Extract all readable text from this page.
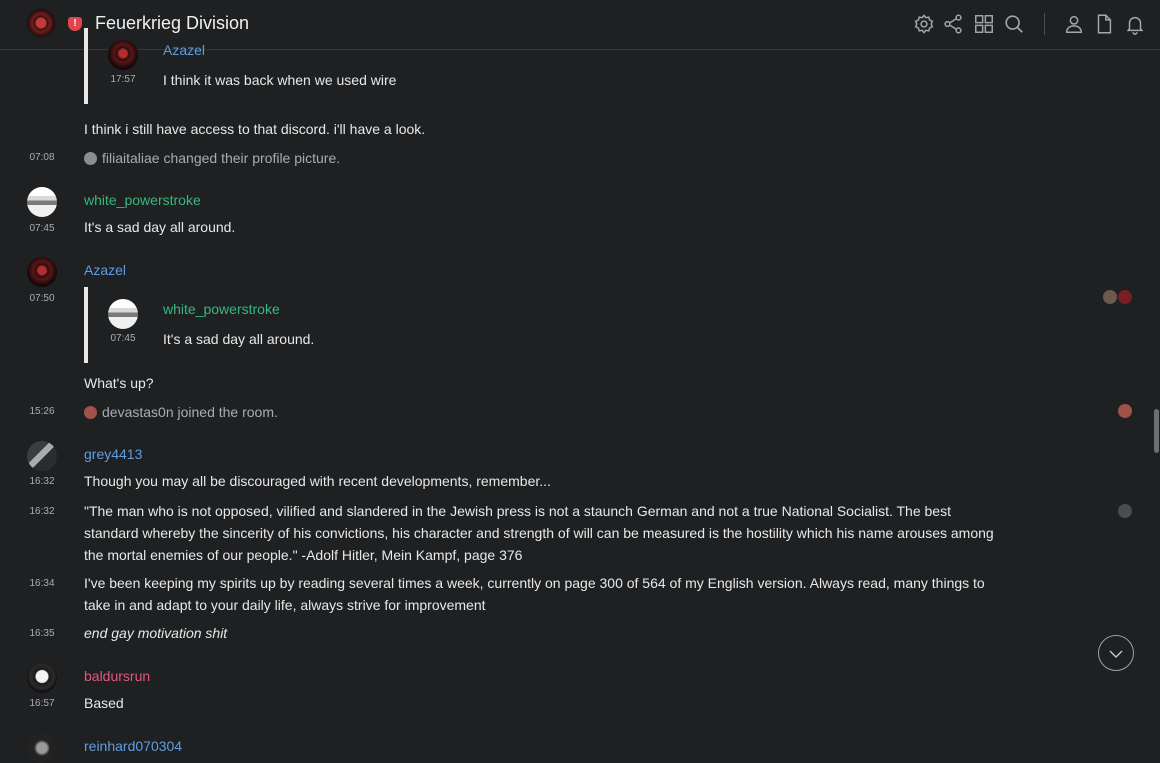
! Feuerkrieg Division
17:57
Azazel
I think it was back when we used wire
I think i still have access to that discord. i'll have a look.
07:08	filiaitaliae changed their profile picture.
07:45
white_powerstroke
It's a sad day all around.
07:50
Azazel
07:45
white_powerstroke
It's a sad day all around.
What's up?
15:26	devastas0n joined the room.
16:32
grey4413
Though you may all be discouraged with recent developments, remember...
16:32	"The man who is not opposed, vilified and slandered in the Jewish press is not a staunch German and not a true National Socialist. The best standard whereby the sincerity of his convictions, his character and strength of will can be measured is the hostility which his name arouses among the mortal enemies of our people." -Adolf Hitler, Mein Kampf, page 376
16:34	I've been keeping my spirits up by reading several times a week, currently on page 300 of 564 of my English version. Always read, many things to take in and adapt to your daily life, always strive for improvement
16:35	end gay motivation shit
16:57
baldursrun
Based
reinhard070304
